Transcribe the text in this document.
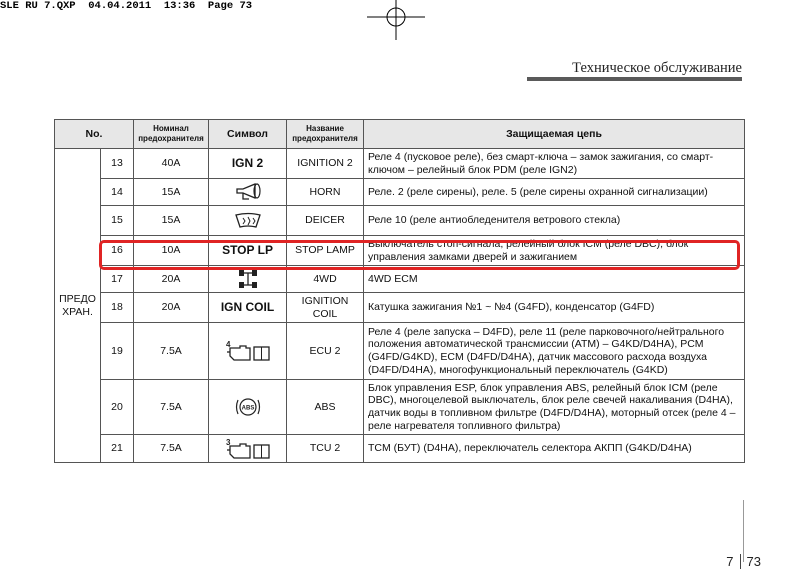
SLE RU 7.QXP  04.04.2011  13:36  Page 73
Техническое обслуживание
No.		Номинал предохранителя	Символ	Название предохранителя	Защищаемая цепь
ПРЕДО ХРАН.	13	40A	IGN 2	IGNITION 2	Реле 4 (пусковое реле), без смарт-ключа – замок зажигания, со смарт-ключом – релейный блок PDM (реле IGN2)
	14	15A		HORN	Реле. 2 (реле сирены), реле. 5 (реле сирены охранной сигнализации)
	15	15A		DEICER	Реле 10 (реле антиобледенителя ветрового стекла)
	16	10A	STOP LP	STOP LAMP	Выключатель стоп-сигнала, релейный блок ICM (реле DBC), блок управления замками дверей и зажиганием
	17	20A		4WD	4WD ECM
	18	20A	IGN COIL	IGNITION COIL	Катушка зажигания №1 ~ №4 (G4FD), конденсатор (G4FD)
	19	7.5A	4	ECU 2	Реле 4 (реле запуска – D4FD), реле 11 (реле парковочного/нейтрального положения автоматической трансмиссии (ATM) – G4KD/D4HA), PCM (G4FD/G4KD), ECM (D4FD/D4HA), датчик массового расхода воздуха (D4FD/D4HA), многофункциональный переключатель (G4KD)
	20	7.5A	ABS	ABS	Блок управления ESP, блок управления ABS, релейный блок ICM (реле DBC), многоцелевой выключатель, блок реле свечей накаливания (D4HA), датчик воды в топливном фильтре (D4FD/D4HA), моторный отсек (реле 4 – реле нагревателя топливного фильтра)
	21	7.5A	3	TCU 2	TCM (БУТ) (D4HA), переключатель селектора АКПП (G4KD/D4HA)
7 73
